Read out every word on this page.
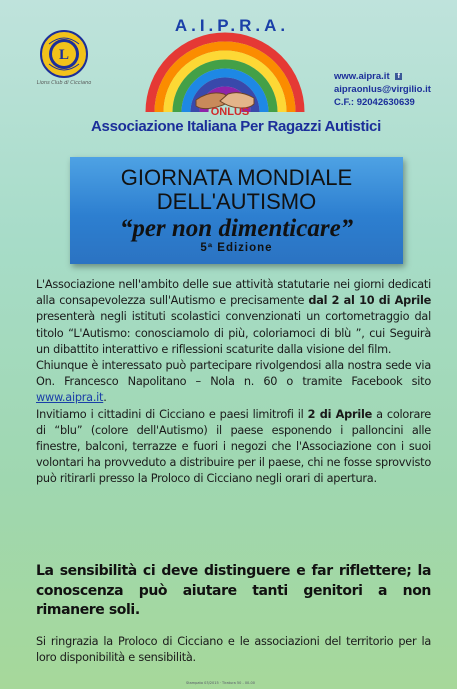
L
Lions Club di Cicciano
A.I.P.R.A.
ONLUS
Associazione Italiana Per Ragazzi Autistici
www.aipra.it f
aipraonlus@virgilio.it
C.F.: 92042630639
GIORNATA MONDIALE
DELL'AUTISMO
“per non dimenticare”
5ª Edizione

L'Associazione nell'ambito delle sue attività statutarie nei giorni dedicati alla consapevolezza sull'Autismo e precisamente dal 2 al 10 di Aprile presenterà negli istituti scolastici convenzionati un cortometraggio dal titolo “L'Autismo: conosciamolo di più, coloriamoci di blù ”, cui Seguirà un dibattito interattivo e riflessioni scaturite dalla visione del film.

Chiunque è interessato può partecipare rivolgendosi alla nostra sede via On. Francesco Napolitano – Nola n. 60 o tramite Facebook sito www.aipra.it.

Invitiamo i cittadini di Cicciano e paesi limitrofi il 2 di Aprile a colorare di “blu” (colore dell'Autismo) il paese esponendo i palloncini alle finestre, balconi, terrazze e fuori i negozi che l'Associazione con i suoi volontari ha provveduto a distribuire per il paese, chi ne fosse sprovvisto può ritirarli presso la Proloco di Cicciano negli orari di apertura.

La sensibilità ci deve distinguere e far riflettere; la conoscenza può aiutare tanti genitori a non rimanere soli.
Si ringrazia la Proloco di Cicciano e le associazioni del territorio per la loro disponibilità e sensibilità.
Stampato 03/2015 · Tiratura 50 - 00-00
